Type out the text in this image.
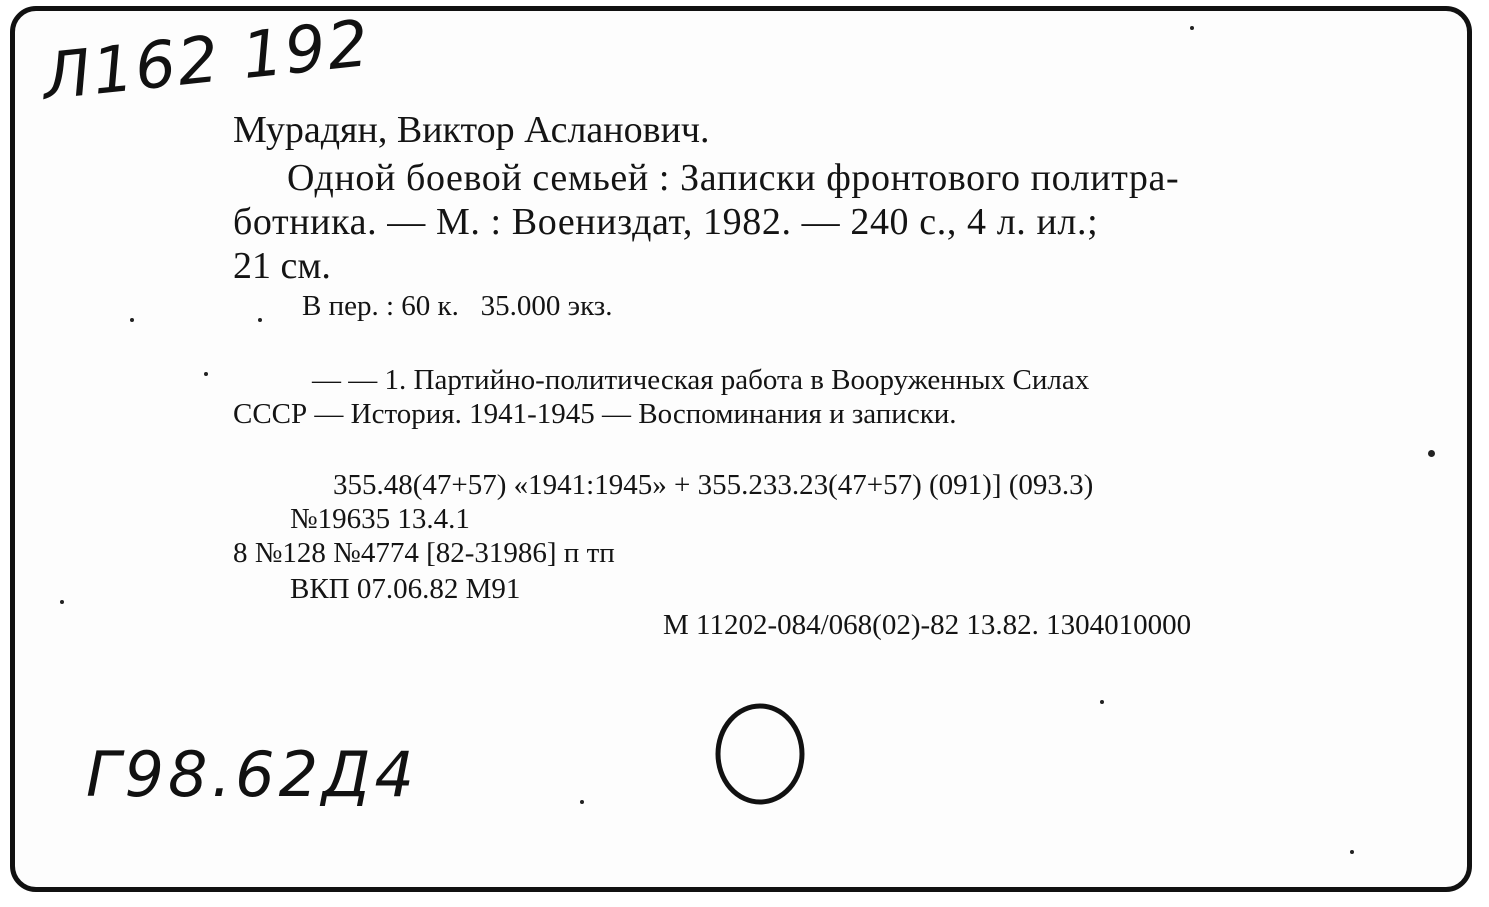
Л162 192
Мурадян, Виктор Асланович.
Одной боевой семьей : Записки фронтового политра-
ботника. — М. : Воениздат, 1982. — 240 с., 4 л. ил.;
21 см.
В пер. : 60 к.   35.000 экз.
— — 1. Партийно-политическая работа в Вооруженных Силах
СССР — История. 1941-1945 — Воспоминания и записки.
355.48(47+57) «1941:1945» + 355.233.23(47+57) (091)] (093.3)
№19635 13.4.1
8 №128 №4774 [82-31986] п тп
ВКП 07.06.82 М91
М 11202-084/068(02)-82 13.82. 1304010000
Г98.62Д4
